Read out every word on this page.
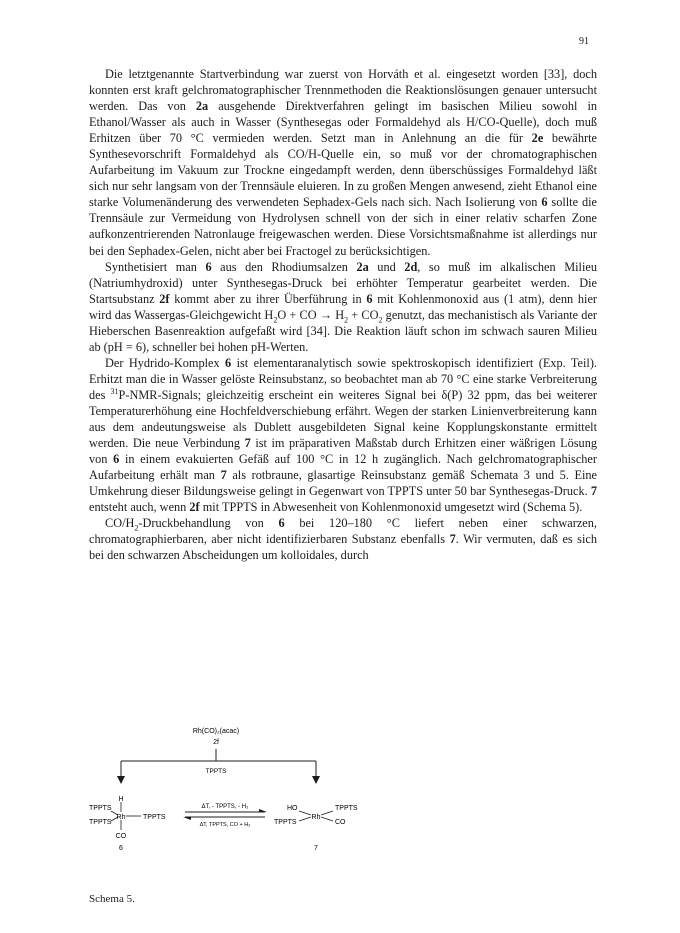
91

Die letztgenannte Startverbindung war zuerst von Horváth et al. eingesetzt worden [33], doch konnten erst kraft gelchromatographischer Trennmethoden die Reaktionslösungen genauer untersucht werden. Das von 2a ausgehende Direktverfahren gelingt im basischen Milieu sowohl in Ethanol/Wasser als auch in Wasser (Synthesegas oder Formaldehyd als H/CO-Quelle), doch muß Erhitzen über 70 °C vermieden werden. Setzt man in Anlehnung an die für 2e bewährte Synthesevorschrift Formaldehyd als CO/H-Quelle ein, so muß vor der chromatographischen Aufarbeitung im Vakuum zur Trockne eingedampft werden, denn überschüssiges Formaldehyd läßt sich nur sehr langsam von der Trennsäule eluieren. In zu großen Mengen anwesend, zieht Ethanol eine starke Volumenänderung des verwendeten Sephadex-Gels nach sich. Nach Isolierung von 6 sollte die Trennsäule zur Vermeidung von Hydrolysen schnell von der sich in einer relativ scharfen Zone aufkonzentrierenden Natronlauge freigewaschen werden. Diese Vorsichtsmaßnahme ist allerdings nur bei den Sephadex-Gelen, nicht aber bei Fractogel zu berücksichtigen.

Synthetisiert man 6 aus den Rhodiumsalzen 2a und 2d, so muß im alkalischen Milieu (Natriumhydroxid) unter Synthesegas-Druck bei erhöhter Temperatur gearbeitet werden. Die Startsubstanz 2f kommt aber zu ihrer Überführung in 6 mit Kohlenmonoxid aus (1 atm), denn hier wird das Wassergas-Gleichgewicht $H_2O$ + CO → $H_2 + CO_2$ genutzt, das mechanistisch als Variante der Hieberschen Basenreaktion aufgefaßt wird [34]. Die Reaktion läuft schon im schwach sauren Milieu ab (pH = 6), schneller bei hohen pH-Werten.

Der Hydrido-Komplex 6 ist elementaranalytisch sowie spektroskopisch identifiziert (Exp. Teil). Erhitzt man die in Wasser gelöste Reinsubstanz, so beobachtet man ab 70 °C eine starke Verbreiterung des $^{31}$P-NMR-Signals; gleichzeitig erscheint ein weiteres Signal bei δ(P) 32 ppm, das bei weiterer Temperaturerhöhung eine Hochfeldverschiebung erfährt. Wegen der starken Linienverbreiterung kann aus dem andeutungsweise als Dublett ausgebildeten Signal keine Kopplungskonstante ermittelt werden. Die neue Verbindung 7 ist im präparativen Maßstab durch Erhitzen einer wäßrigen Lösung von 6 in einem evakuierten Gefäß auf 100 °C in 12 h zugänglich. Nach gelchromatographischer Aufarbeitung erhält man 7 als rotbraune, glasartige Reinsubstanz gemäß Schemata 3 und 5. Eine Umkehrung dieser Bildungsweise gelingt in Gegenwart von TPPTS unter 50 bar Synthesegas-Druck. 7 entsteht auch, wenn 2f mit TPPTS in Abwesenheit von Kohlenmonoxid umgesetzt wird (Schema 5).

$CO/H_2$-Druckbehandlung von 6 bei 120–180 °C liefert neben einer schwarzen, chromatographierbaren, aber nicht identifizierbaren Substanz ebenfalls 7. Wir vermuten, daß es sich bei den schwarzen Abscheidungen um kolloidales, durch

Rh(CO)₂(acac)
2f
TPPTS
ΔT, - TPPTS, - H₂
ΔT, TPPTS, CO + H₂
H
TPPTS
TPPTS
Rh	TPPTS
CO
6
HO	TPPTS
Rh
TPPTS	CO
7
Schema 5.
